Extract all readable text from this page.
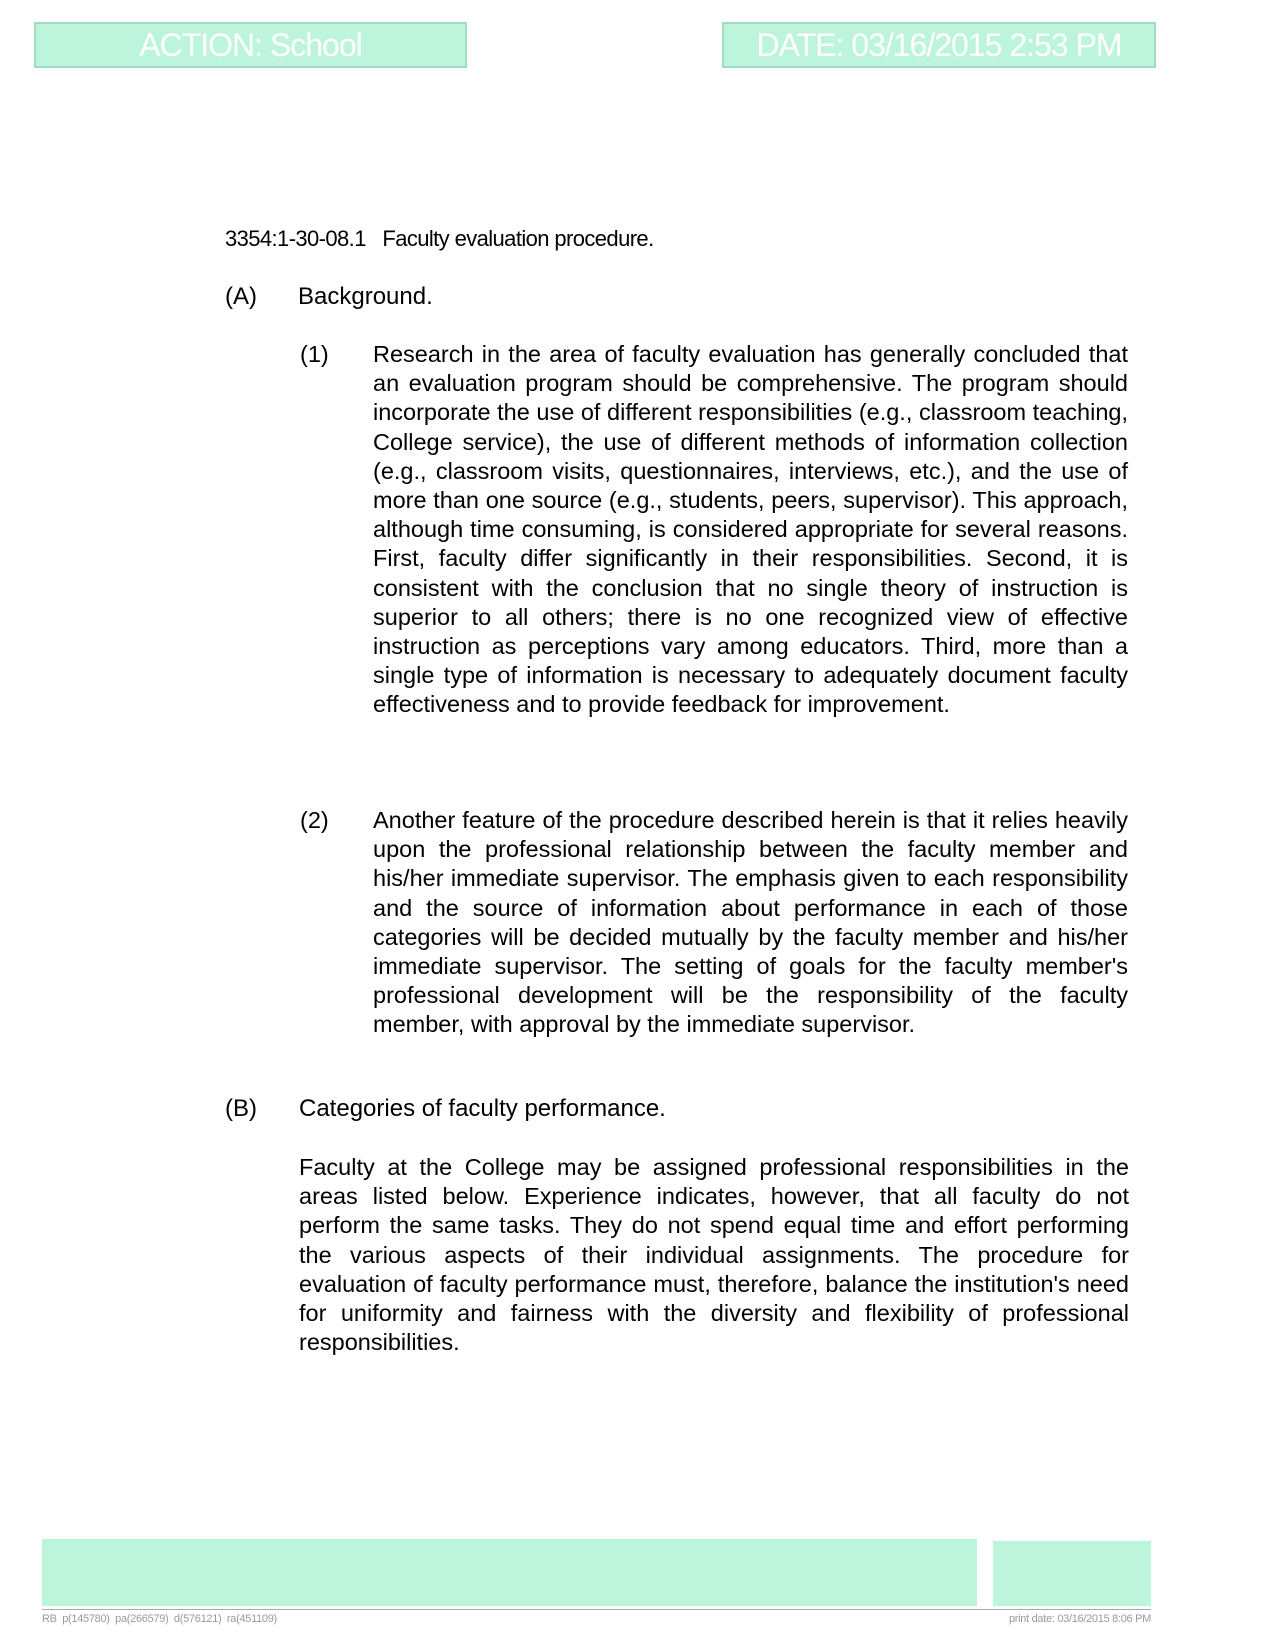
ACTION: School	DATE: 03/16/2015 2:53 PM
3354:1-30-08.1   Faculty evaluation procedure.
(A) Background.
(1) Research in the area of faculty evaluation has generally concluded that an evaluation program should be comprehensive. The program should incorporate the use of different responsibilities (e.g., classroom teaching, College service), the use of different methods of information collection (e.g., classroom visits, questionnaires, interviews, etc.), and the use of more than one source (e.g., students, peers, supervisor). This approach, although time consuming, is considered appropriate for several reasons. First, faculty differ significantly in their responsibilities. Second, it is consistent with the conclusion that no single theory of instruction is superior to all others; there is no one recognized view of effective instruction as perceptions vary among educators. Third, more than a single type of information is necessary to adequately document faculty effectiveness and to provide feedback for improvement.
(2) Another feature of the procedure described herein is that it relies heavily upon the professional relationship between the faculty member and his/her immediate supervisor. The emphasis given to each responsibility and the source of information about performance in each of those categories will be decided mutually by the faculty member and his/her immediate supervisor. The setting of goals for the faculty member's professional development will be the responsibility of the faculty member, with approval by the immediate supervisor.
(B) Categories of faculty performance.
Faculty at the College may be assigned professional responsibilities in the areas listed below. Experience indicates, however, that all faculty do not perform the same tasks. They do not spend equal time and effort performing the various aspects of their individual assignments. The procedure for evaluation of faculty performance must, therefore, balance the institution's need for uniformity and fairness with the diversity and flexibility of professional responsibilities.
RB  p(145780)  pa(266579)  d(576121)  ra(451109)	print date: 03/16/2015 8:06 PM
